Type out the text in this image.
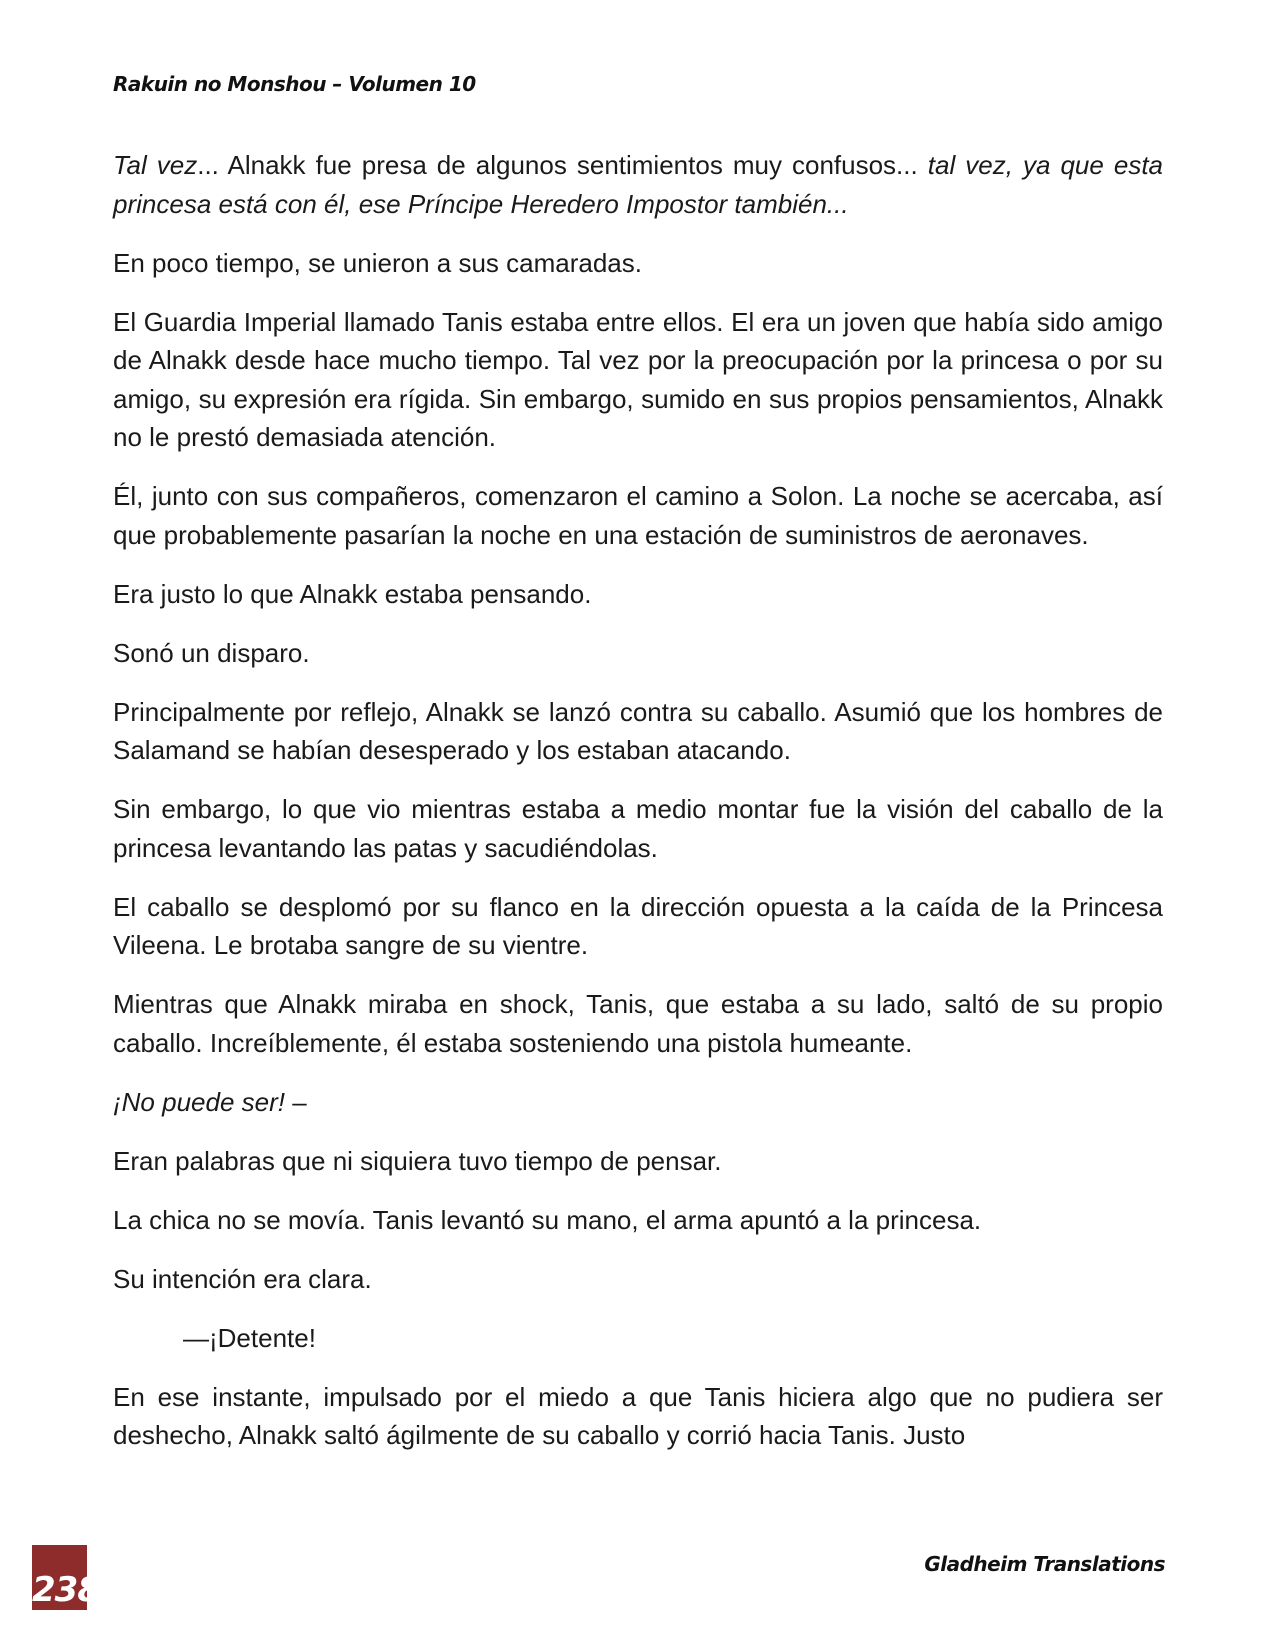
Rakuin no Monshou – Volumen 10

Tal vez... Alnakk fue presa de algunos sentimientos muy confusos... tal vez, ya que esta princesa está con él, ese Príncipe Heredero Impostor también...

En poco tiempo, se unieron a sus camaradas.

El Guardia Imperial llamado Tanis estaba entre ellos. El era un joven que había sido amigo de Alnakk desde hace mucho tiempo. Tal vez por la preocupación por la princesa o por su amigo, su expresión era rígida. Sin embargo, sumido en sus propios pensamientos, Alnakk no le prestó demasiada atención.

Él, junto con sus compañeros, comenzaron el camino a Solon. La noche se acercaba, así que probablemente pasarían la noche en una estación de suministros de aeronaves.

Era justo lo que Alnakk estaba pensando.

Sonó un disparo.

Principalmente por reflejo, Alnakk se lanzó contra su caballo. Asumió que los hombres de Salamand se habían desesperado y los estaban atacando.

Sin embargo, lo que vio mientras estaba a medio montar fue la visión del caballo de la princesa levantando las patas y sacudiéndolas.

El caballo se desplomó por su flanco en la dirección opuesta a la caída de la Princesa Vileena. Le brotaba sangre de su vientre.

Mientras que Alnakk miraba en shock, Tanis, que estaba a su lado, saltó de su propio caballo. Increíblemente, él estaba sosteniendo una pistola humeante.

¡No puede ser! –

Eran palabras que ni siquiera tuvo tiempo de pensar.

La chica no se movía. Tanis levantó su mano, el arma apuntó a la princesa.

Su intención era clara.

—¡Detente!

En ese instante, impulsado por el miedo a que Tanis hiciera algo que no pudiera ser deshecho, Alnakk saltó ágilmente de su caballo y corrió hacia Tanis. Justo

238
Gladheim Translations
